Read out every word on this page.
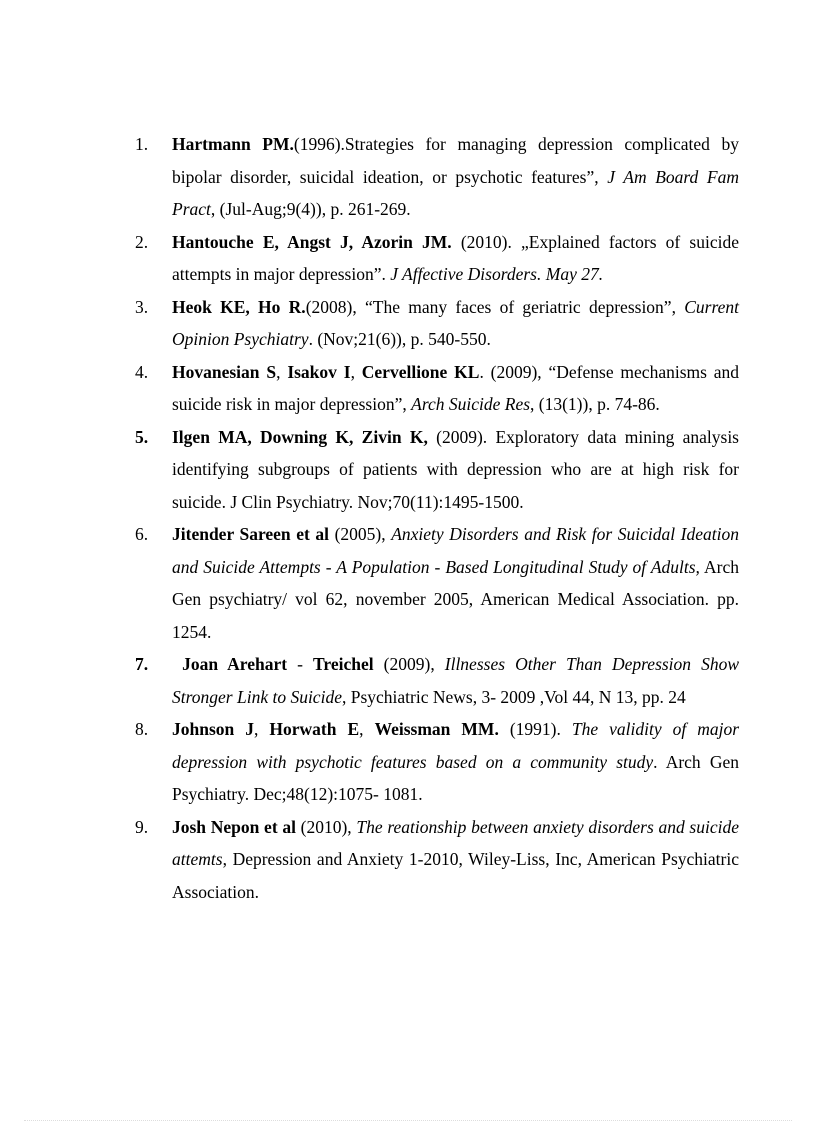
1. Hartmann PM.(1996).Strategies for managing depression complicated by bipolar disorder, suicidal ideation, or psychotic features”, J Am Board Fam Pract, (Jul-Aug;9(4)), p. 261-269.
2. Hantouche E, Angst J, Azorin JM. (2010). „Explained factors of suicide attempts in major depression”. J Affective Disorders. May 27.
3. Heok KE, Ho R.(2008), “The many faces of geriatric depression”, Current Opinion Psychiatry. (Nov;21(6)), p. 540-550.
4. Hovanesian S, Isakov I, Cervellione KL. (2009), “Defense mechanisms and suicide risk in major depression”, Arch Suicide Res, (13(1)), p. 74-86.
5. Ilgen MA, Downing K, Zivin K, (2009). Exploratory data mining analysis identifying subgroups of patients with depression who are at high risk for suicide. J Clin Psychiatry. Nov;70(11):1495-1500.
6. Jitender Sareen et al (2005), Anxiety Disorders and Risk for Suicidal Ideation and Suicide Attempts - A Population - Based Longitudinal Study of Adults, Arch Gen psychiatry/ vol 62, november 2005, American Medical Association. pp. 1254.
7. Joan Arehart - Treichel (2009), Illnesses Other Than Depression Show Stronger Link to Suicide, Psychiatric News, 3- 2009 ,Vol 44, N 13, pp. 24
8. Johnson J, Horwath E, Weissman MM. (1991). The validity of major depression with psychotic features based on a community study. Arch Gen Psychiatry. Dec;48(12):1075- 1081.
9. Josh Nepon et al (2010), The reationship between anxiety disorders and suicide attemts, Depression and Anxiety 1-2010, Wiley-Liss, Inc, American Psychiatric Association.
